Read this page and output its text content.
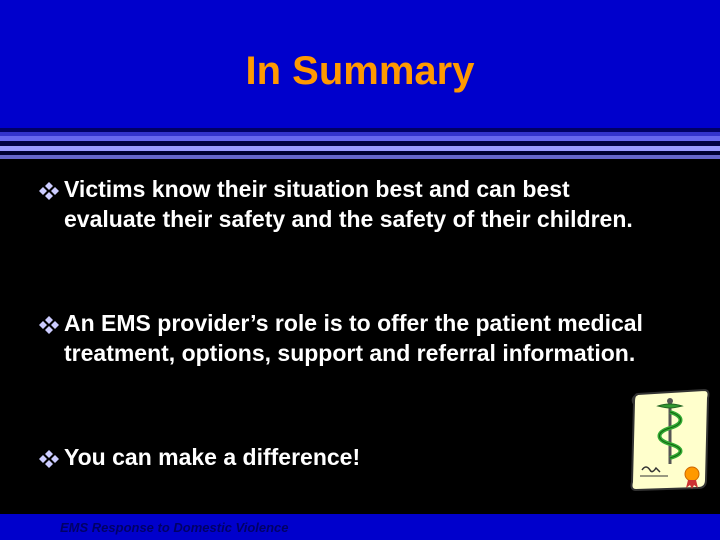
In Summary
Victims know their situation best and can best evaluate their safety and the safety of their children.
An EMS provider’s role is to offer the patient medical treatment, options, support and referral information.
You can make a difference!
EMS Response to Domestic Violence
